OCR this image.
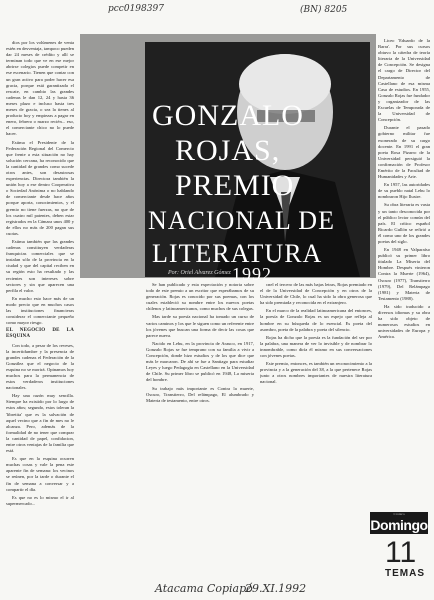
pcc0198397	(BN) 8205

dios por los volúmenes de venta estén en desventaja, tampoco pueden dar 24 meses de crédito y allí se terminan todo que ve en ese mejor abrirse colegios puede competir en ese escenario. Tienen que contar con un gran activo para poder hacer esa gracia, porque está garantizada el rescate, en cambio las grandes cadenas le dan 12, 24 y hasta 36 meses plazo e incluso hasta tres meses de gracia, o sea la tienes al producto hoy y empiezas a pagar en enero, febrero o marzo recién... eso, el comerciante chico no lo puede hacer.

Estima el Presidente de la Federación Regional del Comercio que frente a esta situación no hay solución cercana, ha reconocido que la cantidad de grandes como sucede otros antes, son desastrosas experiencias. Directora también la unión hoy a ese dentro Cooperativa o Sociedad Anónima o no hablando de comerciante desde hace años porque aporta, conocimientos, y el gremio no tiene fuerzas, no que de los cuatro mil patentes, deben estar registrados en la Cámara unos 400 y de ellos no más de 200 pagan sus cuotas.

Estima también que las grandes cadenas constituyen verdaderas franquicias comerciales que se instalan sólo de la provincia en la ciudad y que del capital reciben en su región esto ha resultado y las recientes son intereses sobre sectores y sin que aparecen una perfila el valor.

En mucho esto hace más de un modo precio que en muchos casos las instituciones financieras considerar el comerciante pequeño como mayor riesgo.

EL NEGOCIO DE LA ESQUINA

Con todo, a pesar de los reveses, la incertidumbre y la presencia de grandes cadenas el Federación de la González que el negocio de la esquina no se morirá. Opinamos hoy muchos para la permanencia de estos verdaderos instituciones nacionales.

Hay una razón muy sencilla. Siempre ha existido por lo largo de estos años; segundo, estos toleran la 'libretita' que es la salvación de aquel vecino que a fin de mes no le alcanza. Pero, además de la formalidad de no tener que comprar la cantidad de papel, confidacion, entre otros ventajas de la familia que está.

Es que en la esquina ocurren muchas cosas y vale la pena este aparente fin de semana: los vecinos se reúnen, por la tarde o durante el fin de semana a conversar y a compartir el día.

Es que no es lo mismo el ir al supermercado...

GONZALO
ROJAS,
PREMIO
NACIONAL DE
LITERATURA
1992
Por: Oriel Alvarez Gómez

Se han publicado y esta expectación y notoria sobre todo de este premio a un escritor que esperábamos de su generación. Rojas es conocido por sus poemas, con los cuales estableció su nombre entre los nuevos poetas chilenos y latinoamericanos, como muchos de sus colegas.

Mas tarde su poesía nacional ha tomado un curso de varios caminos y los que le siguen como un referente entre los jóvenes que buscan una forma de decir las cosas que parece nueva.

Nacido en Lebu, en la provincia de Arauco, en 1917, Gonzalo Rojas se fue temprano con su familia a vivir a Concepción, donde hizo estudios y de los que dice que más le marcaron. De ahí se fue a Santiago para estudiar Leyes y luego Pedagogía en Castellano en la Universidad de Chile. Su primer libro se publicó en 1948, La miseria del hombre.

Su trabajo más importante es Contra la muerte, Oscuro, Transtierro, Del relámpago, El alumbrado y Materia de testamento, entre otros.

cnel el tercero de las más bajas letras, Rojas premiado en el de la Universidad de Concepción y en otros de la Universidad de Chile, lo cual ha sido la obra generosa que ha sido premiada y reconocida en el extranjero.

En el marco de la realidad latinoamericana del entonces, la poesía de Gonzalo Rojas es un espejo que refleja al hombre en su búsqueda de lo esencial. Es poeta del asombro, poeta de la palabra y poeta del silencio.

Rojas ha dicho que la poesía es la fundación del ser por la palabra, una manera de ver lo invisible y de nombrar lo innombrable, como diría él mismo en sus conversaciones con jóvenes poetas.

Este premio, entonces, es también un reconocimiento a la provincia y a la generación del 38, a la que pertenece Rojas junto a otros nombres importantes de nuestra literatura nacional.

Liceo 'Eduardo de la Barra'. Por sus cursos obtuvo la cátedra de teoría literaria de la Universidad de Concepción. Se designa el cargo de Director del Departamento de Castellano de esa misma Casa de estudios. En 1955, Gonzalo Rojas fue fundador y organizador de las Escuelas de Temporada de la Universidad de Concepción.

Durante el pasado gobierno militar fue exonerado de su cargo docente. En 1991 el gran poeta Rosa Pizarro de la Universidad persiguió la confirmación de Profesor Emérito de la Facultad de Humanidades y Arte.

En 1957, las autoridades de su pueblo natal Lebu lo nombraron Hijo Ilustre.

Su obra literaria es vasta y un tanto desconocida por el público lector común del país. El crítico español Ricardo Gullón se refirió a él como uno de los grandes poetas del siglo.

En 1948 en Valparaíso publicó su primer libro titulado La Miseria del Hombre. Después vinieron Contra la Muerte (1964), Oscuro (1977), Transtierro (1979), Del Relámpago (1981) y Materia de Testamento (1988).

Ha sido traducido a diversos idiomas y su obra ha sido objeto de numerosos estudios en universidades de Europa y América.

Crónica
Domingo
11
TEMAS
Atacama Copiapó
29.XI.1992
